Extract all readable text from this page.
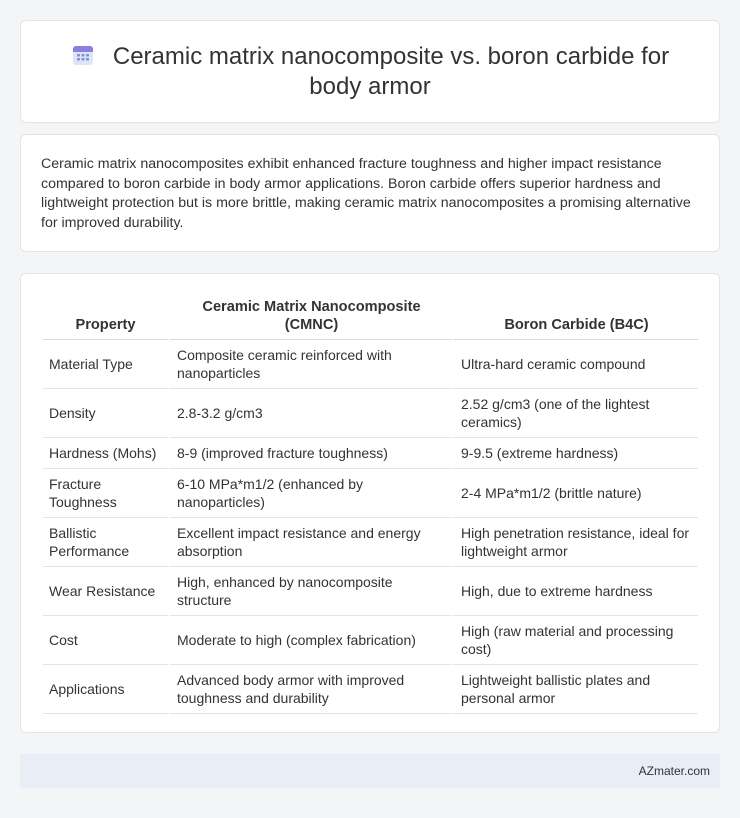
Ceramic matrix nanocomposite vs. boron carbide for body armor

Ceramic matrix nanocomposites exhibit enhanced fracture toughness and higher impact resistance compared to boron carbide in body armor applications. Boron carbide offers superior hardness and lightweight protection but is more brittle, making ceramic matrix nanocomposites a promising alternative for improved durability.

Property	Ceramic Matrix Nanocomposite (CMNC)	Boron Carbide (B4C)
Material Type	Composite ceramic reinforced with nanoparticles	Ultra-hard ceramic compound
Density	2.8-3.2 g/cm3	2.52 g/cm3 (one of the lightest ceramics)
Hardness (Mohs)	8-9 (improved fracture toughness)	9-9.5 (extreme hardness)
Fracture Toughness	6-10 MPa*m1/2 (enhanced by nanoparticles)	2-4 MPa*m1/2 (brittle nature)
Ballistic Performance	Excellent impact resistance and energy absorption	High penetration resistance, ideal for lightweight armor
Wear Resistance	High, enhanced by nanocomposite structure	High, due to extreme hardness
Cost	Moderate to high (complex fabrication)	High (raw material and processing cost)
Applications	Advanced body armor with improved toughness and durability	Lightweight ballistic plates and personal armor
AZmater.com
